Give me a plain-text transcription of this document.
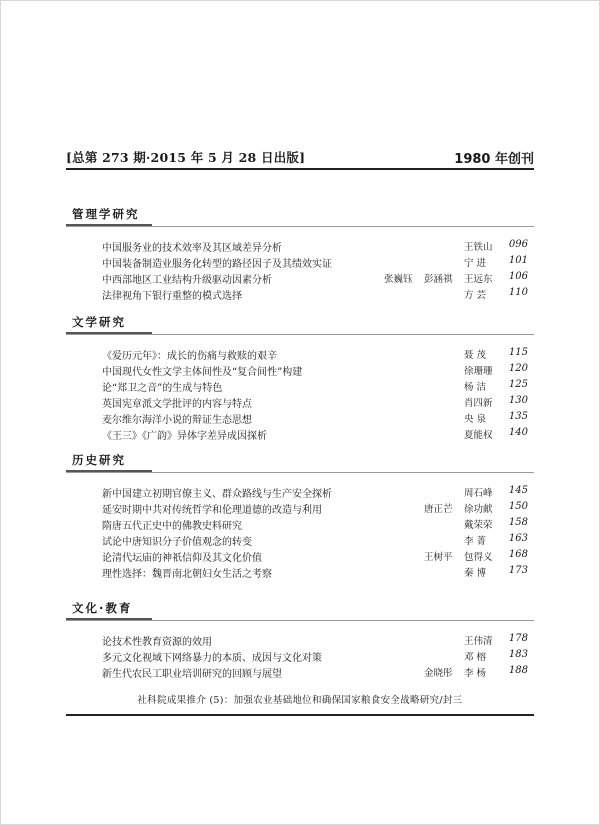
[总第 273 期·2015 年 5 月 28 日出版]	1980 年创刊
管理学研究
中国服务业的技术效率及其区域差异分析	王铁山 096
中国装备制造业服务化转型的路径因子及其绩效实证	宁 进 101
中西部地区工业结构升级驱动因素分析	张巍钰 彭涵祺 王远东 106
法律视角下银行重整的模式选择	方 芸 110
文学研究
《爱历元年》：成长的伤痛与救赎的艰辛	聂 茂 115
中国现代女性文学主体间性及“复合间性”构建	徐珊珊 120
论“郑卫之音”的生成与特色	杨 洁 125
英国宪章派文学批评的内容与特点	肖四新 130
麦尔维尔海洋小说的辩证生态思想	央 泉 135
《王三》《广韵》异体字差异成因探析	夏能权 140
历史研究
新中国建立初期官僚主义、群众路线与生产安全探析	周石峰 145
延安时期中共对传统哲学和伦理道德的改造与利用	唐正芒 徐功献 150
隋唐五代正史中的佛教史料研究	戴荣荣 158
试论中唐知识分子价值观念的转变	李 菁 163
论清代坛庙的神祇信仰及其文化价值	王树平 包得义 168
理性选择：魏晋南北朝妇女生活之考察	秦 博 173
文化·教育
论技术性教育资源的效用	王伟清 178
多元文化视域下网络暴力的本质、成因与文化对策	邓 榕 183
新生代农民工职业培训研究的回顾与展望	金晓彤 李 杨 188
社科院成果推介 (5)：加强农业基础地位和确保国家粮食安全战略研究/封三
